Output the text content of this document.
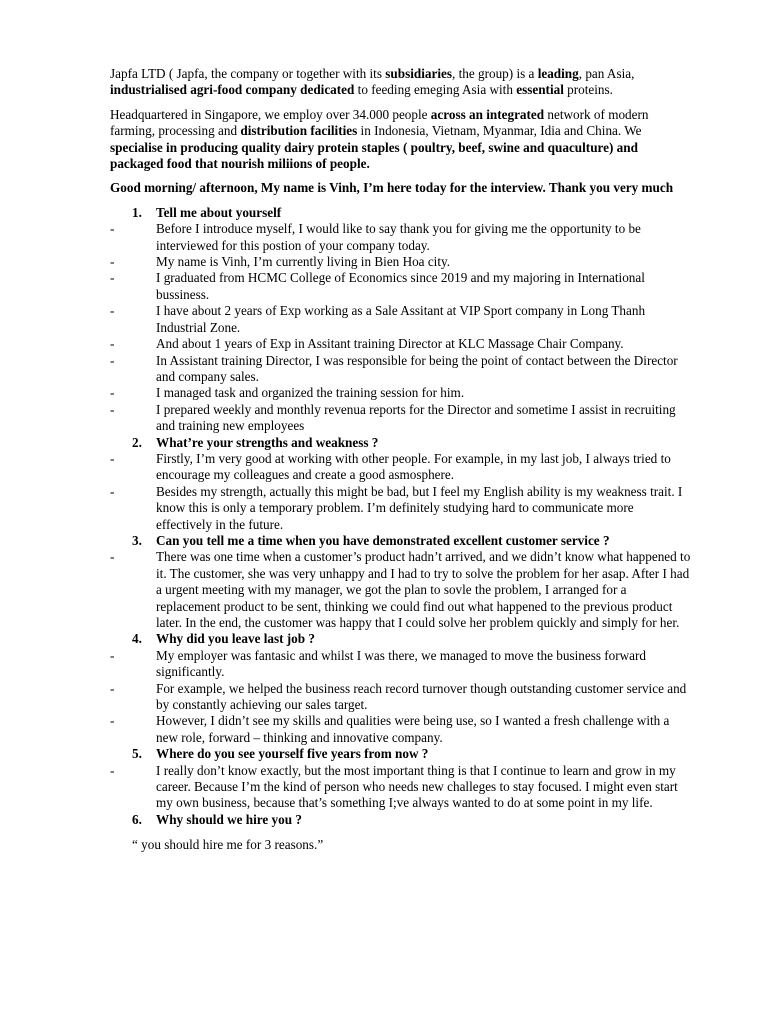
Japfa LTD ( Japfa, the company or together with its subsidiaries, the group) is a leading, pan Asia, industrialised agri-food company dedicated to feeding emeging Asia with essential proteins.

Headquartered in Singapore, we employ over 34.000 people across an integrated network of modern farming, processing and distribution facilities in Indonesia, Vietnam, Myanmar, Idia and China. We specialise in producing quality dairy protein staples ( poultry, beef, swine and quaculture) and packaged food that nourish miliions of people.

Good morning/ afternoon, My name is Vinh, I’m here today for the interview. Thank you very much

1.	Tell me about yourself
-	Before I introduce myself, I would like to say thank you for giving me the opportunity to be interviewed for this postion of your company today.
-	My name is Vinh, I’m currently living in Bien Hoa city.
-	I graduated from HCMC College of Economics since 2019 and my majoring in International bussiness.
-	I have about 2 years of Exp working as a Sale Assitant at VIP Sport company in Long Thanh Industrial Zone.
-	And about 1 years of Exp in Assitant training Director at KLC Massage Chair Company.
-	In Assistant training Director, I was responsible for being the point of contact between the Director and company sales.
-	I managed task and organized the training session for him.
-	I prepared weekly and monthly revenua reports for the Director and sometime I assist in recruiting and training new employees
2.	What’re your strengths and weakness ?
-	Firstly, I’m very good at working with other people. For example, in my last job, I always tried to encourage my colleagues and create a good asmosphere.
-	Besides my strength, actually this might be bad, but I feel my English ability is my weakness trait. I know this is only a temporary problem. I’m definitely studying hard to communicate more effectively in the future.
3.	Can you tell me a time when you have demonstrated excellent customer service ?
-	There was one time when a customer’s product hadn’t arrived, and we didn’t know what happened to it. The customer, she was very unhappy and I had to try to solve the problem for her asap. After I had a urgent meeting with my manager, we got the plan to sovle the problem, I arranged for a replacement product to be sent, thinking we could find out what happened to the previous product later. In the end, the customer was happy that I could solve her problem quickly and simply for her.
4.	Why did you leave last job ?
-	My employer was fantasic and whilst I was there, we managed to move the business forward significantly.
-	For example, we helped the business reach record turnover though outstanding customer service and by constantly achieving our sales target.
-	However, I didn’t see my skills and qualities were being use, so I wanted a fresh challenge with a new role, forward – thinking and innovative company.
5.	Where do you see yourself five years from now ?
-	I really don’t know exactly, but the most important thing is that I continue to learn and grow in my career. Because I’m the kind of person who needs new challeges to stay focused. I might even start my own business, because that’s something I;ve always wanted to do at some point in my life.
6.	Why should we hire you ?

“ you should hire me for 3 reasons.”
